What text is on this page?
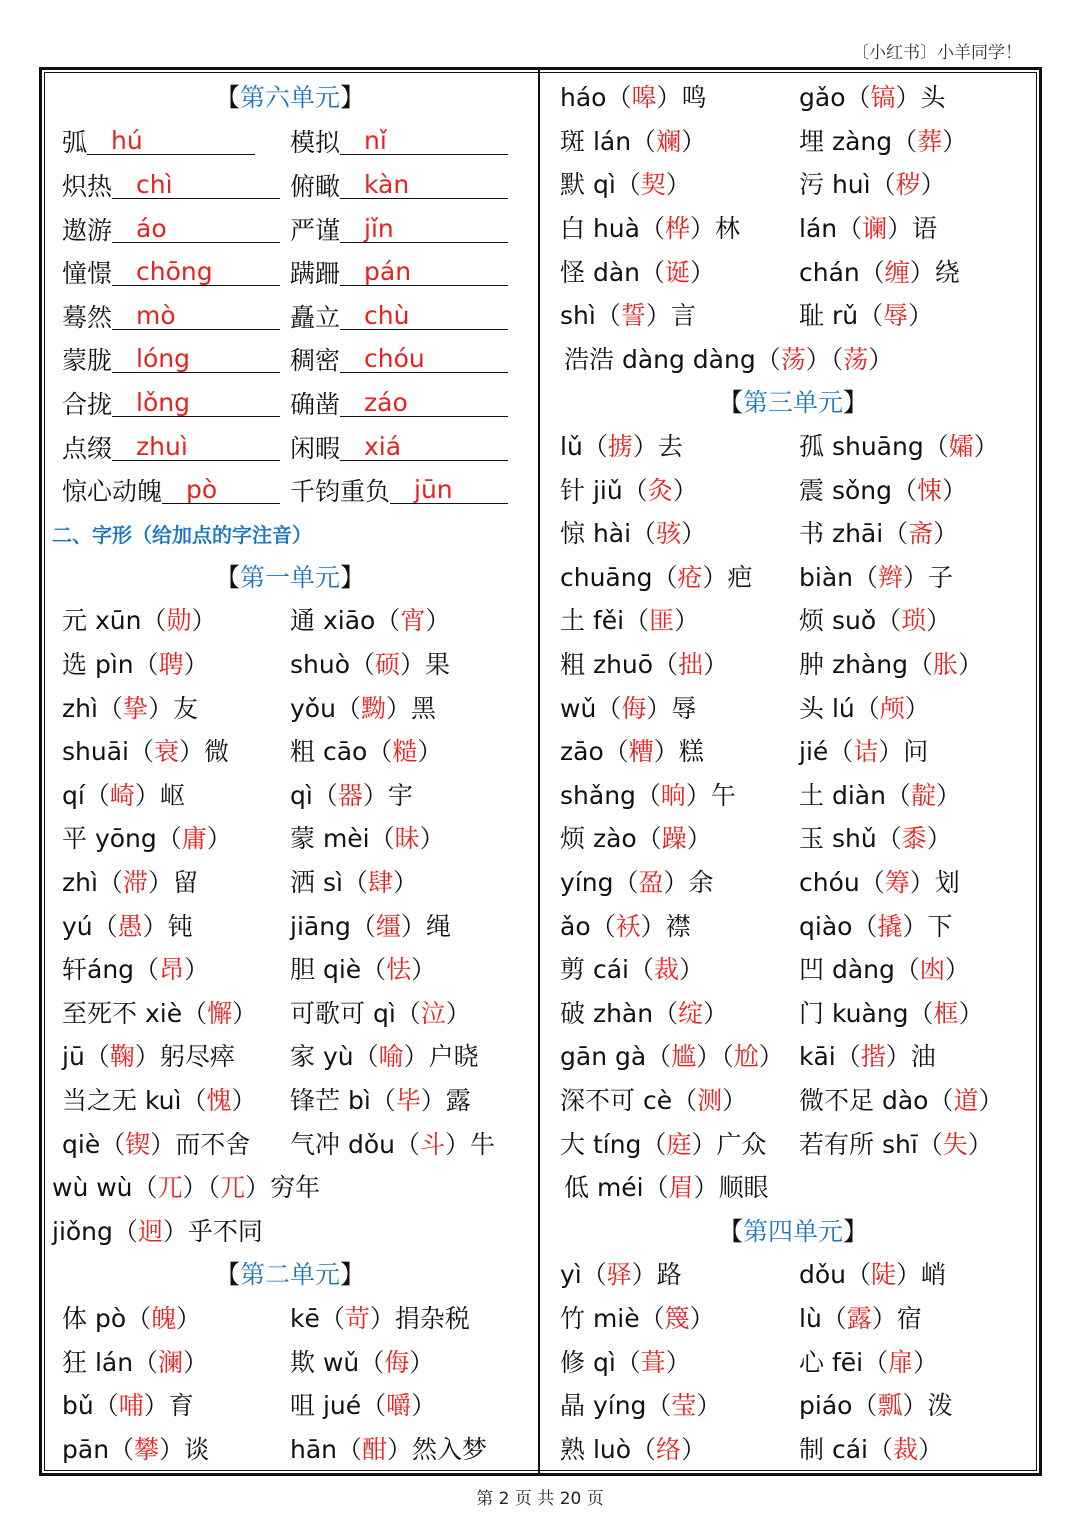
〔小红书〕小羊同学！
【 第六单元 】
弧 hú	模拟 nǐ
炽热 chì	俯瞰 kàn
遨游 áo	严谨 jǐn
憧憬 chōng	蹒跚 pán
蓦然 mò	矗立 chù
蒙胧 lóng	稠密 chóu
合拢 lǒng	确凿 záo
点缀 zhuì	闲暇 xiá
惊心动魄 pò	千钧重负 jūn
二、字形（给加点的字注音）
【 第一单元 】
元 xūn（勋）	通 xiāo（宵）
选 pìn（聘）	shuò（硕）果
zhì（挚）友	yǒu（黝）黑
shuāi（衰）微	粗 cāo（糙）
qí（崎）岖	qì（器）宇
平 yōng（庸）	蒙 mèi（昧）
zhì（滞）留	洒 sì（肆）
yú（愚）钝	jiāng（缰）绳
轩áng（昂）	胆 qiè（怯）
至死不 xiè（懈）	可歌可 qì（泣）
jū（鞠）躬尽瘁	家 yù（喻）户晓
当之无 kuì（愧）	锋芒 bì（毕）露
qiè（锲）而不舍	气冲 dǒu（斗）牛
wù wù（兀）（兀）穷年
jiǒng（迥）乎不同
【 第二单元 】
体 pò（魄）	kē（苛）捐杂税
狂 lán（澜）	欺 wǔ（侮）
bǔ（哺）育	咀 jué（嚼）
pān（攀）谈	hān（酣）然入梦
háo（嗥）鸣	gǎo（镐）头
斑 lán（斓）	埋 zàng（葬）
默 qì（契）	污 huì（秽）
白 huà（桦）林	lán（谰）语
怪 dàn（诞）	chán（缠）绕
shì（誓）言	耻 rǔ（辱）
浩浩 dàng dàng（荡）（荡）
【 第三单元 】
lǔ（掳）去	孤 shuāng（孀）
针 jiǔ（灸）	震 sǒng（悚）
惊 hài（骇）	书 zhāi（斋）
chuāng（疮）疤	biàn（辫）子
土 fěi（匪）	烦 suǒ（琐）
粗 zhuō（拙）	肿 zhàng（胀）
wǔ（侮）辱	头 lú（颅）
zāo（糟）糕	jié（诘）问
shǎng（晌）午	土 diàn（靛）
烦 zào（躁）	玉 shǔ（黍）
yíng（盈）余	chóu（筹）划
ǎo（袄）襟	qiào（撬）下
剪 cái（裁）	凹 dàng（凼）
破 zhàn（绽）	门 kuàng（框）
gān gà（尴）（尬） kāi（揩）油
深不可 cè（测）	微不足 dào（道）
大 tíng（庭）广众	若有所 shī（失）
低 méi（眉）顺眼
【 第四单元 】
yì（驿）路	dǒu（陡）峭
竹 miè（篾）	lù（露）宿
修 qì（葺）	心 fēi（扉）
晶 yíng（莹）	piáo（瓢）泼
熟 luò（络）	制 cái（裁）
第 2 页 共 20 页
